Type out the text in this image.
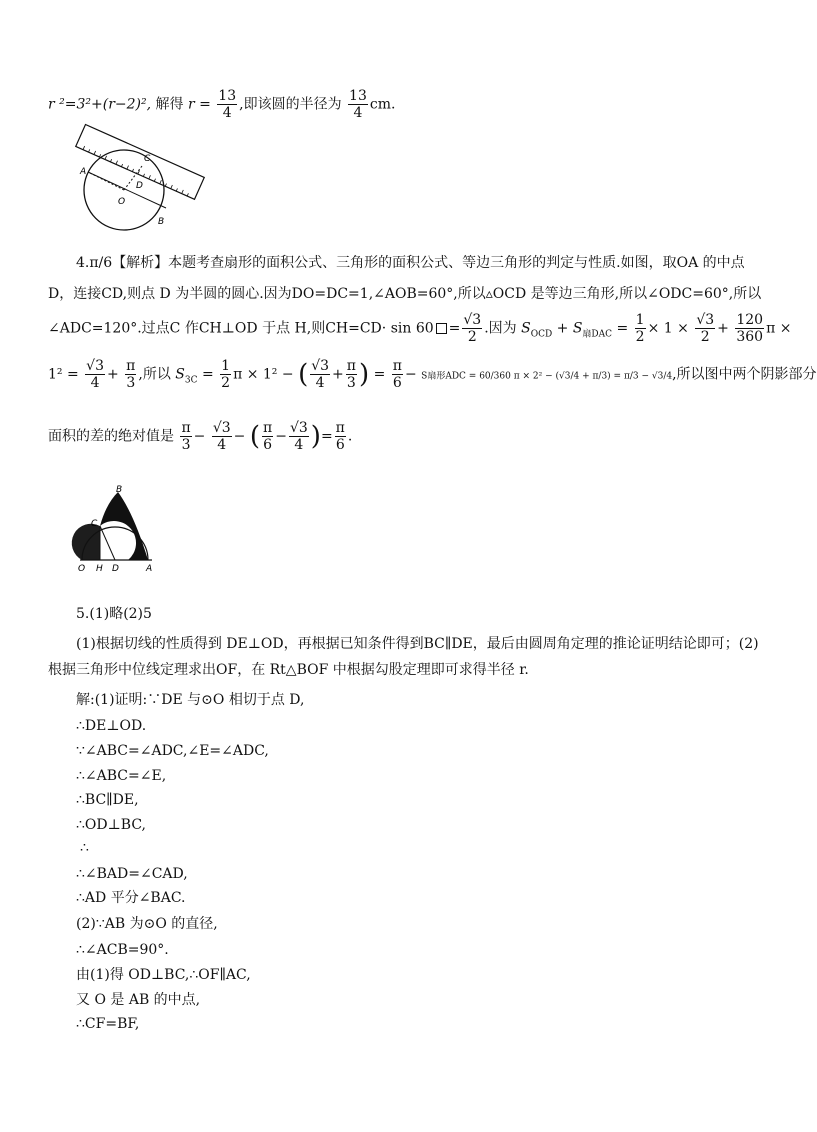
r ²=3²+(r−2)², 解得 $r = \frac{13}{4}$ ,即该圆的半径为 $\frac{13}{4}$ cm.
A
C
D
O
B
4.π/6【解析】本题考查扇形的面积公式、三角形的面积公式、等边三角形的判定与性质.如图，取OA 的中点
D，连接CD,则点 D 为半圆的圆心.因为DO=DC=1,∠AOB=60°,所以▵OCD 是等边三角形,所以∠ODC=60°,所以
∠ADC=120°.过点C 作CH⊥OD 于点 H,则$CH=CD\cdot \sin 60 = \frac{√3}{2}$ .因为 $S_{OCD} + S_{扇DAC} = \frac{1}{2} \times 1 \times \frac{√3}{2} + \frac{120}{360}$ π ×
$1^2 = \frac{√3}{4} + \frac{\pi}{3}$ ,所以 $S_{3C} = \frac{1}{2}$ π × 1² − ( $\frac{√3}{4} + \frac{\pi}{3}$ ) = $\frac{\pi}{6} - S$扇形ADC = 60/360 π × 2² − (√3/4 + π/3) = π/3 − √3/4,所以图中两个阴影部分
面积的差的绝对值是 $\frac{\pi}{3} - \frac{√3}{4}$ − ( $\frac{\pi}{6} - \frac{√3}{4}$ )= $\frac{\pi}{6}$ .
B
C
O H D	A
5.(1)略(2)5
(1)根据切线的性质得到 DE⊥OD，再根据已知条件得到BC∥DE，最后由圆周角定理的推论证明结论即可；(2)
根据三角形中位线定理求出OF，在 Rt△BOF 中根据勾股定理即可求得半径 r.
解:(1)证明:∵DE 与⊙O 相切于点 D,
∴DE⊥OD.
∵∠ABC=∠ADC,∠E=∠ADC,
∴∠ABC=∠E,
∴BC∥DE,
∴OD⊥BC,
∴
∴∠BAD=∠CAD,
∴AD 平分∠BAC.
(2)∵AB 为⊙O 的直径,
∴∠ACB=90°.
由(1)得 OD⊥BC,∴OF∥AC,
又 O 是 AB 的中点,
∴CF=BF,
